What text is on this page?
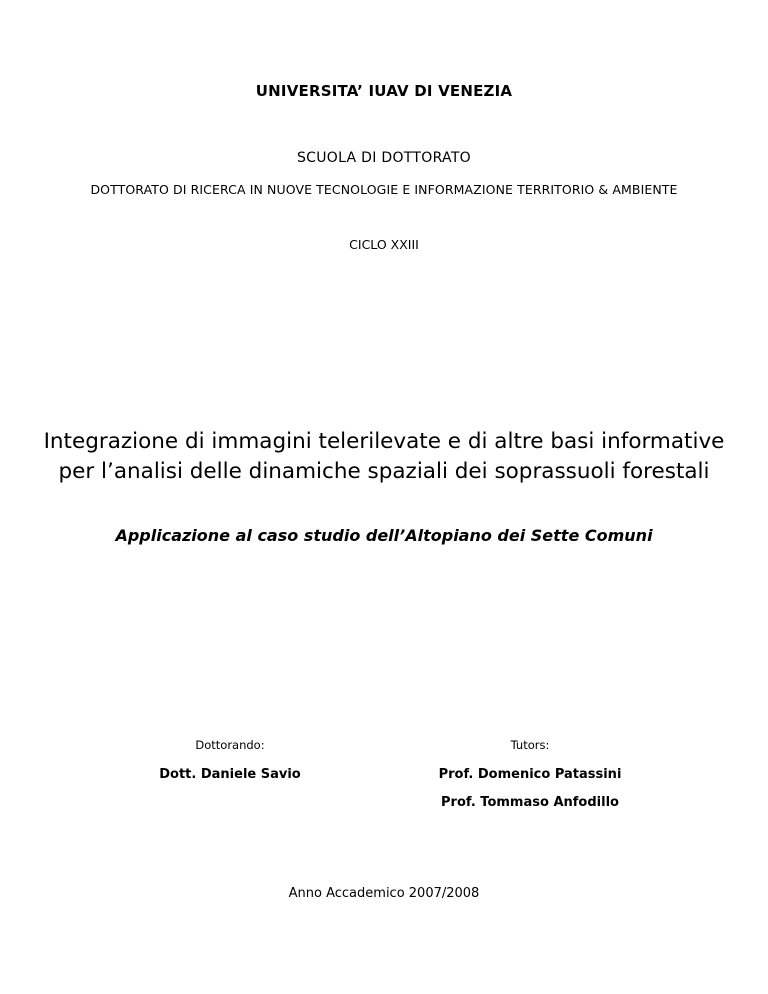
UNIVERSITA’ IUAV DI VENEZIA
SCUOLA DI DOTTORATO
DOTTORATO DI RICERCA IN NUOVE TECNOLOGIE E INFORMAZIONE TERRITORIO & AMBIENTE
CICLO XXIII
Integrazione di immagini telerilevate e di altre basi informative
per l’analisi delle dinamiche spaziali dei soprassuoli forestali
Applicazione al caso studio dell’Altopiano dei Sette Comuni
Dottorando:
Dott. Daniele Savio
Tutors:
Prof. Domenico Patassini
Prof. Tommaso Anfodillo
Anno Accademico 2007/2008
